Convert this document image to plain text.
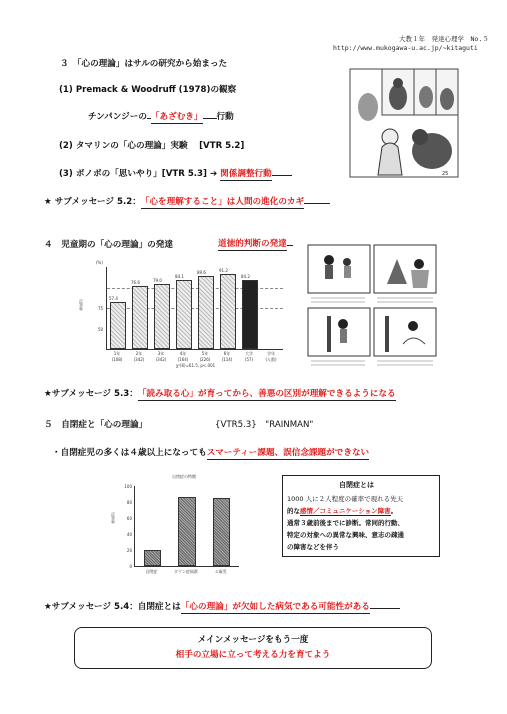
大教１年　発達心理学　No.５
http://www.mukogawa-u.ac.jp/~kitaguti
３　「心の理論」はサルの研究から始まった
(1) Premack & Woodruff (1978)の観察
チンパンジーの 「あざむき」 行動
(2) タマリンの「心の理論」実験　 [VTR 5.2]
(3) ボノボの「思いやり」[VTR 5.3] ➔ 関係調整行動	25
★ サブメッセージ 5.2：「心を理解すること」は人間の進化のカギ
４　児童期の「心の理論」の発達	道徳的判断の発達
(%)
正答率
57.4
76.6	79.0
84.1
89.6	91.2
84.2
75
50
χ²(6)=61.5, p<.001
1年
(108)
2年
(342)
3年
(342)
4年
(164)
5年
(226)
6年
(114)
大学
(57)
学年
(人数)
★サブメッセージ 5.3：「読み取る心」が育ってから、善悪の区別が理解できるようになる
５　自閉症と「心の理論」	{VTR5.3}　"RAINMAN"
・自閉症児の多くは４歳以上になってもスマーティー課題、誤信念課題ができない
自閉症の特徴
正答率
100
80
60
40
20
0
自閉症	ダウン症候群	４歳児
自閉症とは
1000 人に２人程度の確率で現れる先天
的な感情／コミュニケーション障害。
通常３歳前後までに診断。常同的行動、
特定の対象への異常な興味、意志の疎通
の障害などを伴う
★サブメッセージ 5.4：自閉症とは「心の理論」が欠如した病気である可能性がある
メインメッセージをもう一度
相手の立場に立って考える力を育てよう
